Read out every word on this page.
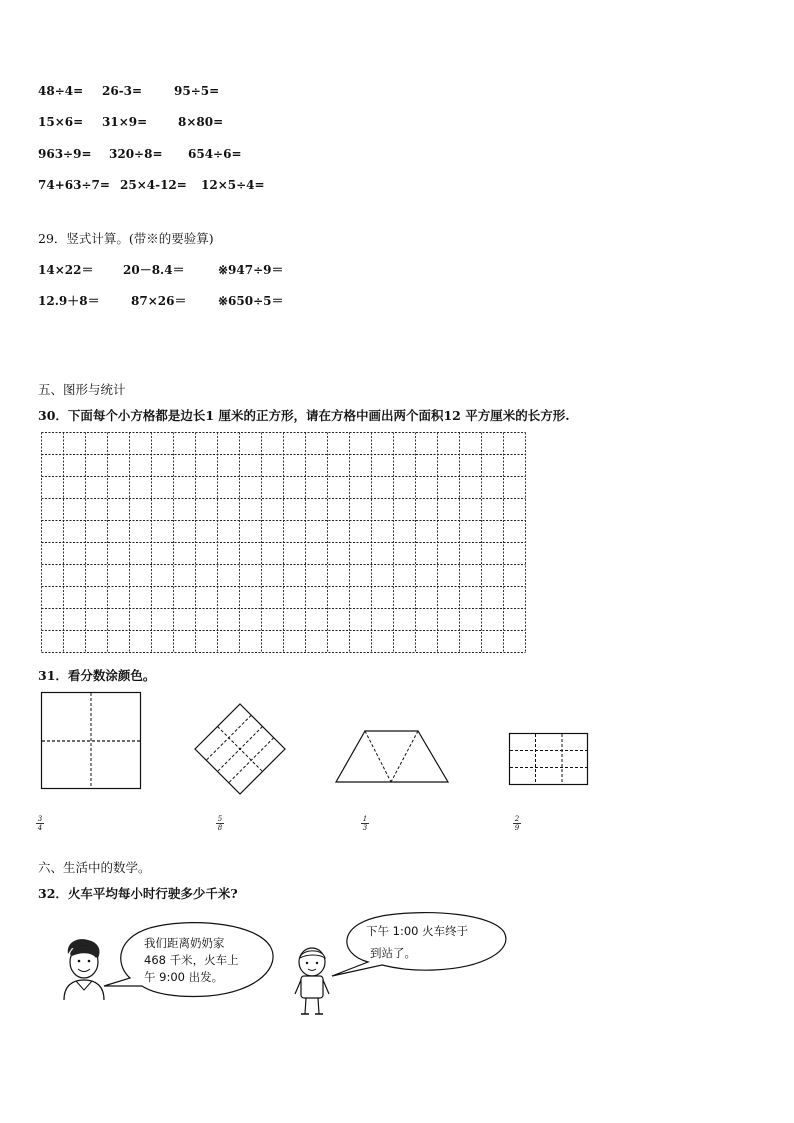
48÷4= 26-3=	95÷5=
15×6= 31×9=	8×80=
963÷9= 320÷8= 654÷6=
74+63÷7= 25×4-12= 12×5÷4=
29．竖式计算。(带※的要验算)
14×22＝ 20－8.4＝	※947÷9＝
12.9＋8＝	87×26＝	※650÷5＝
五、图形与统计
30．下面每个小方格都是边长1 厘米的正方形，请在方格中画出两个面积12 平方厘米的长方形.
31．看分数涂颜色。
3
4
5
8
1
3
2
9
六、生活中的数学。
32．火车平均每小时行驶多少千米?
我们距离奶奶家
468 千米，火车上
午 9:00 出发。
下午 1:00 火车终于
到站了。
